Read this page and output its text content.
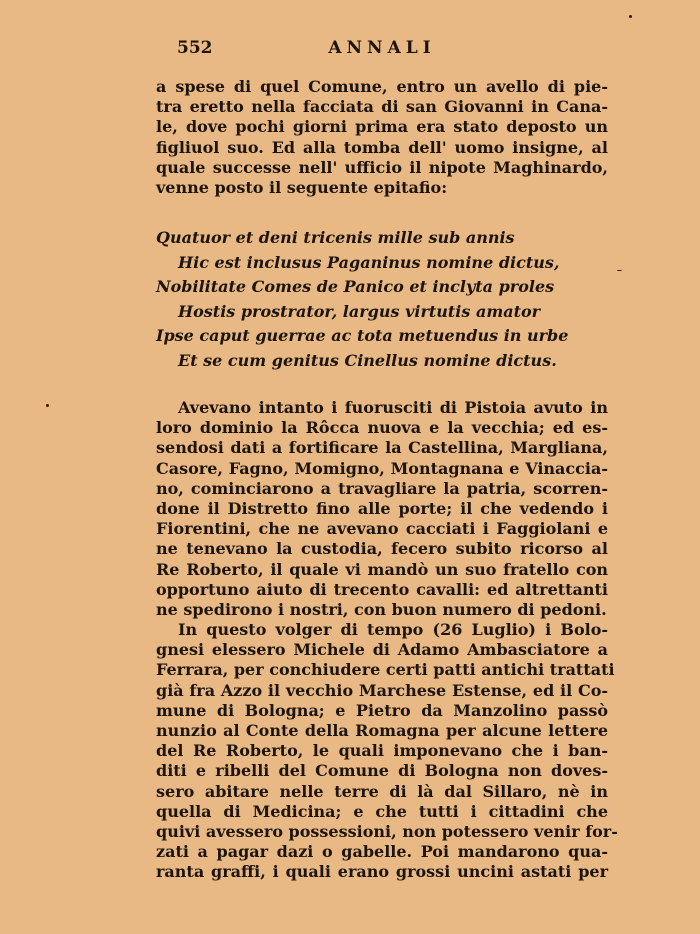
ANNALI
552
a spese di quel Comune, entro un avello di pie-
tra eretto nella facciata di san Giovanni in Cana-
le, dove pochi giorni prima era stato deposto un
figliuol suo. Ed alla tomba dell' uomo insigne, al
quale successe nell' ufficio il nipote Maghinardo,
venne posto il seguente epitafio:
Quatuor et deni tricenis mille sub annis
Hic est inclusus Paganinus nomine dictus,
Nobilitate Comes de Panico et inclyta proles
Hostis prostrator, largus virtutis amator
Ipse caput guerrae ac tota metuendus in urbe
Et se cum genitus Cinellus nomine dictus.
Avevano intanto i fuorusciti di Pistoia avuto in
loro dominio la Rôcca nuova e la vecchia; ed es-
sendosi dati a fortificare la Castellina, Margliana,
Casore, Fagno, Momigno, Montagnana e Vinaccia-
no, cominciarono a travagliare la patria, scorren-
done il Distretto fino alle porte; il che vedendo i
Fiorentini, che ne avevano cacciati i Faggiolani e
ne tenevano la custodia, fecero subito ricorso al
Re Roberto, il quale vi mandò un suo fratello con
opportuno aiuto di trecento cavalli: ed altrettanti
ne spedirono i nostri, con buon numero di pedoni.
In questo volger di tempo (26 Luglio) i Bolo-
gnesi elessero Michele di Adamo Ambasciatore a
Ferrara, per conchiudere certi patti antichi trattati
già fra Azzo il vecchio Marchese Estense, ed il Co-
mune di Bologna; e Pietro da Manzolino passò
nunzio al Conte della Romagna per alcune lettere
del Re Roberto, le quali imponevano che i ban-
diti e ribelli del Comune di Bologna non doves-
sero abitare nelle terre di là dal Sillaro, nè in
quella di Medicina; e che tutti i cittadini che
quivi avessero possessioni, non potessero venir for-
zati a pagar dazi o gabelle. Poi mandarono qua-
ranta graffi, i quali erano grossi uncini astati per
